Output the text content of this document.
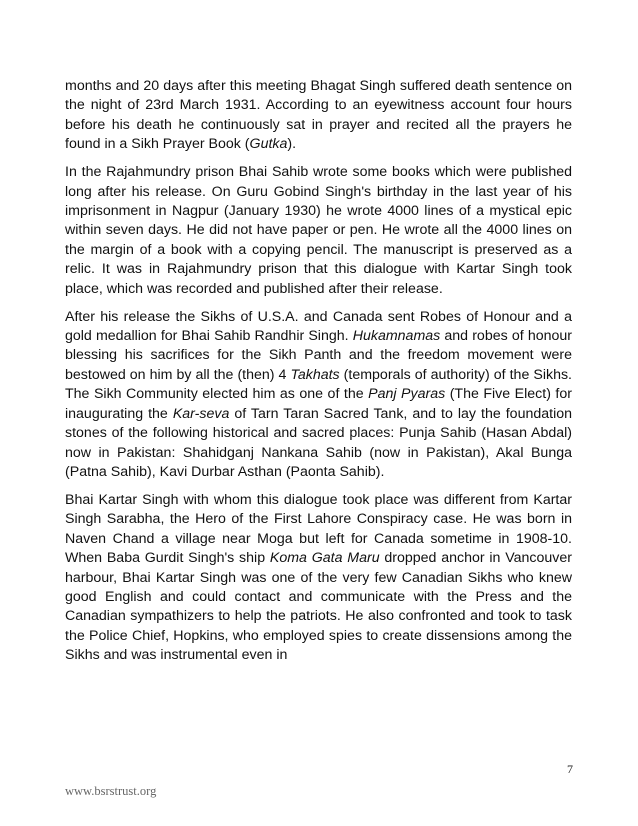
months and 20 days after this meeting Bhagat Singh suffered death sentence on the night of 23rd March 1931. According to an eyewitness account four hours before his death he continuously sat in prayer and recited all the prayers he found in a Sikh Prayer Book (Gutka).

In the Rajahmundry prison Bhai Sahib wrote some books which were published long after his release. On Guru Gobind Singh's birthday in the last year of his imprisonment in Nagpur (January 1930) he wrote 4000 lines of a mystical epic within seven days. He did not have paper or pen. He wrote all the 4000 lines on the margin of a book with a copying pencil. The manuscript is preserved as a relic. It was in Rajahmundry prison that this dialogue with Kartar Singh took place, which was recorded and published after their release.

After his release the Sikhs of U.S.A. and Canada sent Robes of Honour and a gold medallion for Bhai Sahib Randhir Singh. Hukamnamas and robes of honour blessing his sacrifices for the Sikh Panth and the freedom movement were bestowed on him by all the (then) 4 Takhats (temporals of authority) of the Sikhs. The Sikh Community elected him as one of the Panj Pyaras (The Five Elect) for inaugurating the Kar-seva of Tarn Taran Sacred Tank, and to lay the foundation stones of the following historical and sacred places: Punja Sahib (Hasan Abdal) now in Pakistan: Shahidganj Nankana Sahib (now in Pakistan), Akal Bunga (Patna Sahib), Kavi Durbar Asthan (Paonta Sahib).

Bhai Kartar Singh with whom this dialogue took place was different from Kartar Singh Sarabha, the Hero of the First Lahore Conspiracy case. He was born in Naven Chand a village near Moga but left for Canada sometime in 1908-10. When Baba Gurdit Singh's ship Koma Gata Maru dropped anchor in Vancouver harbour, Bhai Kartar Singh was one of the very few Canadian Sikhs who knew good English and could contact and communicate with the Press and the Canadian sympathizers to help the patriots. He also confronted and took to task the Police Chief, Hopkins, who employed spies to create dissensions among the Sikhs and was instrumental even in

7
www.bsrstrust.org
